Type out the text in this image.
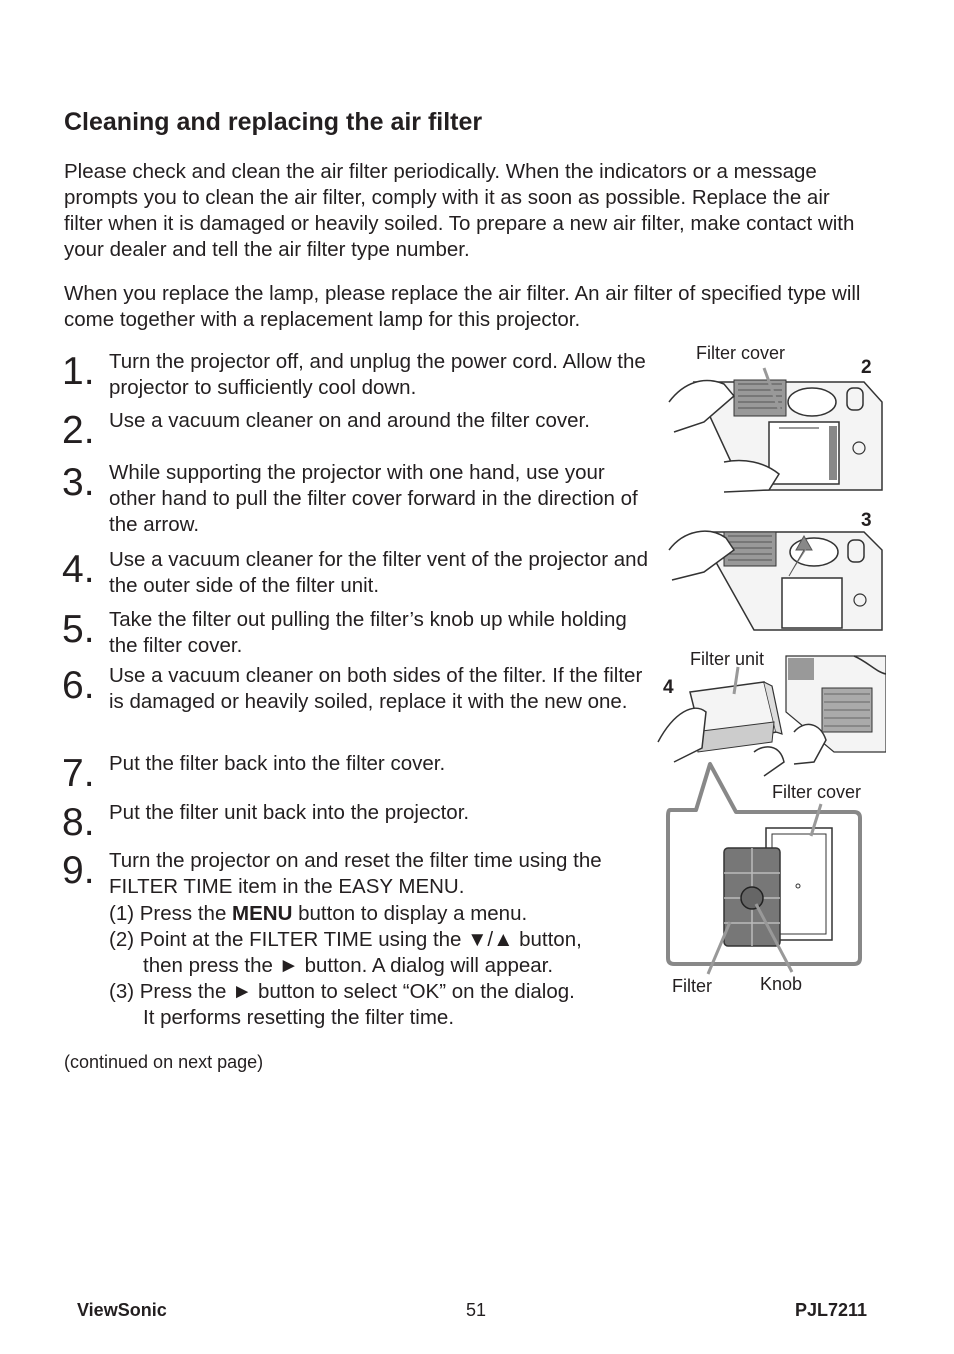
Cleaning and replacing the air filter

Please check and clean the air filter periodically. When the indicators or a message prompts you to clean the air filter, comply with it as soon as possible. Replace the air filter when it is damaged or heavily soiled. To prepare a new air filter, make contact with your dealer and tell the air filter type number.

When you replace the lamp, please replace the air filter. An air filter of specified type will come together with a replacement lamp for this projector.

1. Turn the projector off, and unplug the power cord. Allow the projector to sufficiently cool down.
2. Use a vacuum cleaner on and around the filter cover.
3. While supporting the projector with one hand, use your other hand to pull the filter cover forward in the direction of the arrow.
4. Use a vacuum cleaner for the filter vent of the projector and the outer side of the filter unit.
5. Take the filter out pulling the filter’s knob up while holding the filter cover.
6. Use a vacuum cleaner on both sides of the filter. If the filter is damaged or heavily soiled, replace it with the new one.
7. Put the filter back into the filter cover.
8. Put the filter unit back into the projector.
9. Turn the projector on and reset the filter time using the FILTER TIME item in the EASY MENU.
(1) Press the MENU button to display a menu.
(2) Point at the FILTER TIME using the ▼/▲ button,
then press the ► button. A dialog will appear.
(3) Press the ► button to select “OK” on the dialog.
It performs resetting the filter time.
(continued on next page)
Filter cover
2
3
Filter unit
4
Filter cover
Filter	Knob
ViewSonic	51	PJL7211
